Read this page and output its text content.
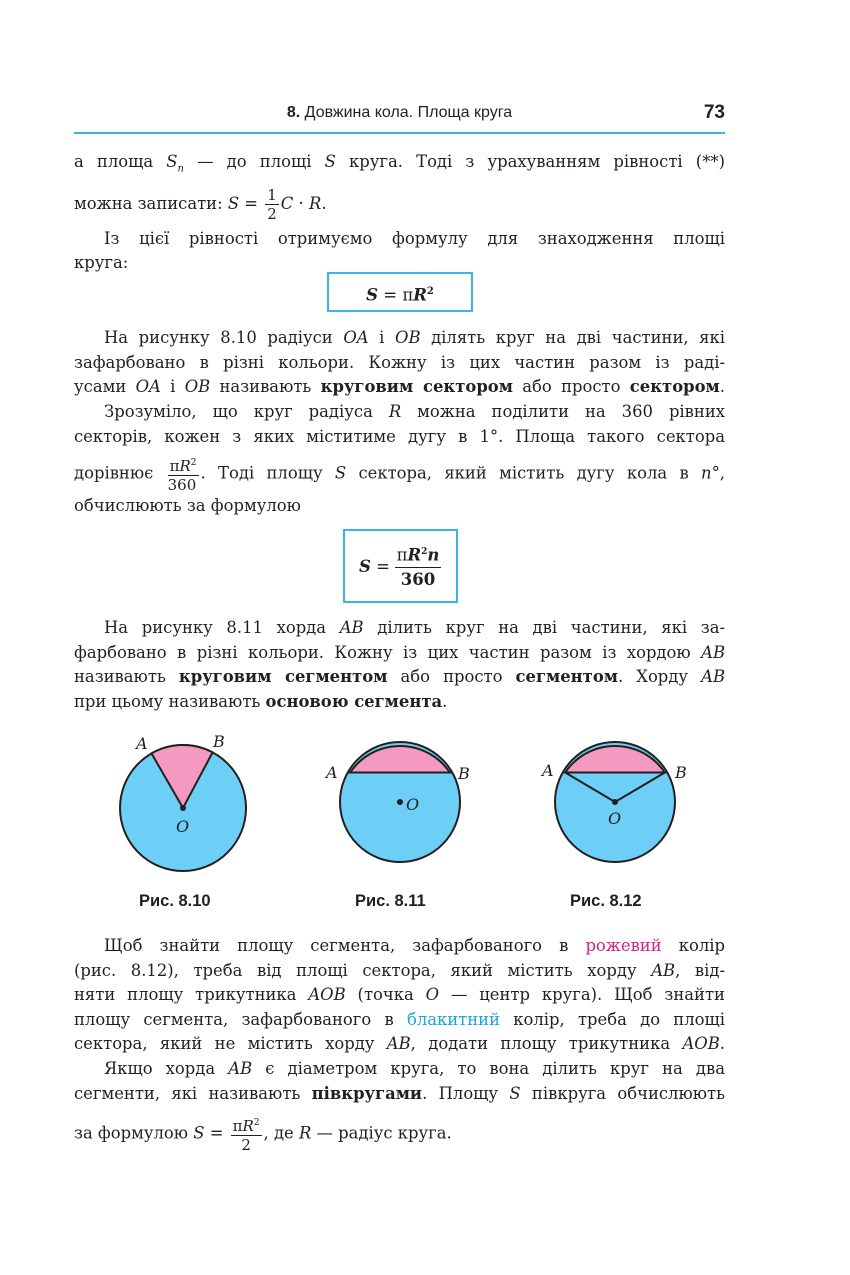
8. Довжина кола. Площа круга	73
а площа $S_n$ — до площі S круга. Тоді з урахуванням рівності (**)
можна записати: $S = \frac{1}{2}$ C · R.
Із цієї рівності отримуємо формулу для знаходження площі
круга:
$S = \pi R^2$
На рисунку 8.10 радіуси OA і OB ділять круг на дві частини, які
зафарбовано в різні кольори. Кожну із цих частин разом із раді-
усами OA і OB називають круговим сектором або просто сектором.
Зрозуміло, що круг радіуса R можна поділити на 360 рівних
секторів, кожен з яких міститиме дугу в 1°. Площа такого сектора
дорівнює $\frac{\pi R^2}{360}$ . Тоді площу S сектора, який містить дугу кола в n°,
обчислюють за формулою
S =
$\pi R^2n$
360
На рисунку 8.11 хорда AB ділить круг на дві частини, які за-
фарбовано в різні кольори. Кожну із цих частин разом із хордою AB
називають круговим сегментом або просто сегментом. Хорду AB
при цьому називають основою сегмента.
A	B
O
A	B
O
A	B
O
Рис. 8.10	Рис. 8.11	Рис. 8.12
Щоб знайти площу сегмента, зафарбованого в рожевий колір
(рис. 8.12), треба від площі сектора, який містить хорду AB, від-
няти площу трикутника AOB (точка O — центр круга). Щоб знайти
площу сегмента, зафарбованого в блакитний колір, треба до площі
сектора, який не містить хорду AB, додати площу трикутника AOB.
Якщо хорда AB є діаметром круга, то вона ділить круг на два
сегменти, які називають півкругами. Площу S півкруга обчислюють
за формулою $S = \frac{\pi R^2}{2}$ , де R — радіус круга.
